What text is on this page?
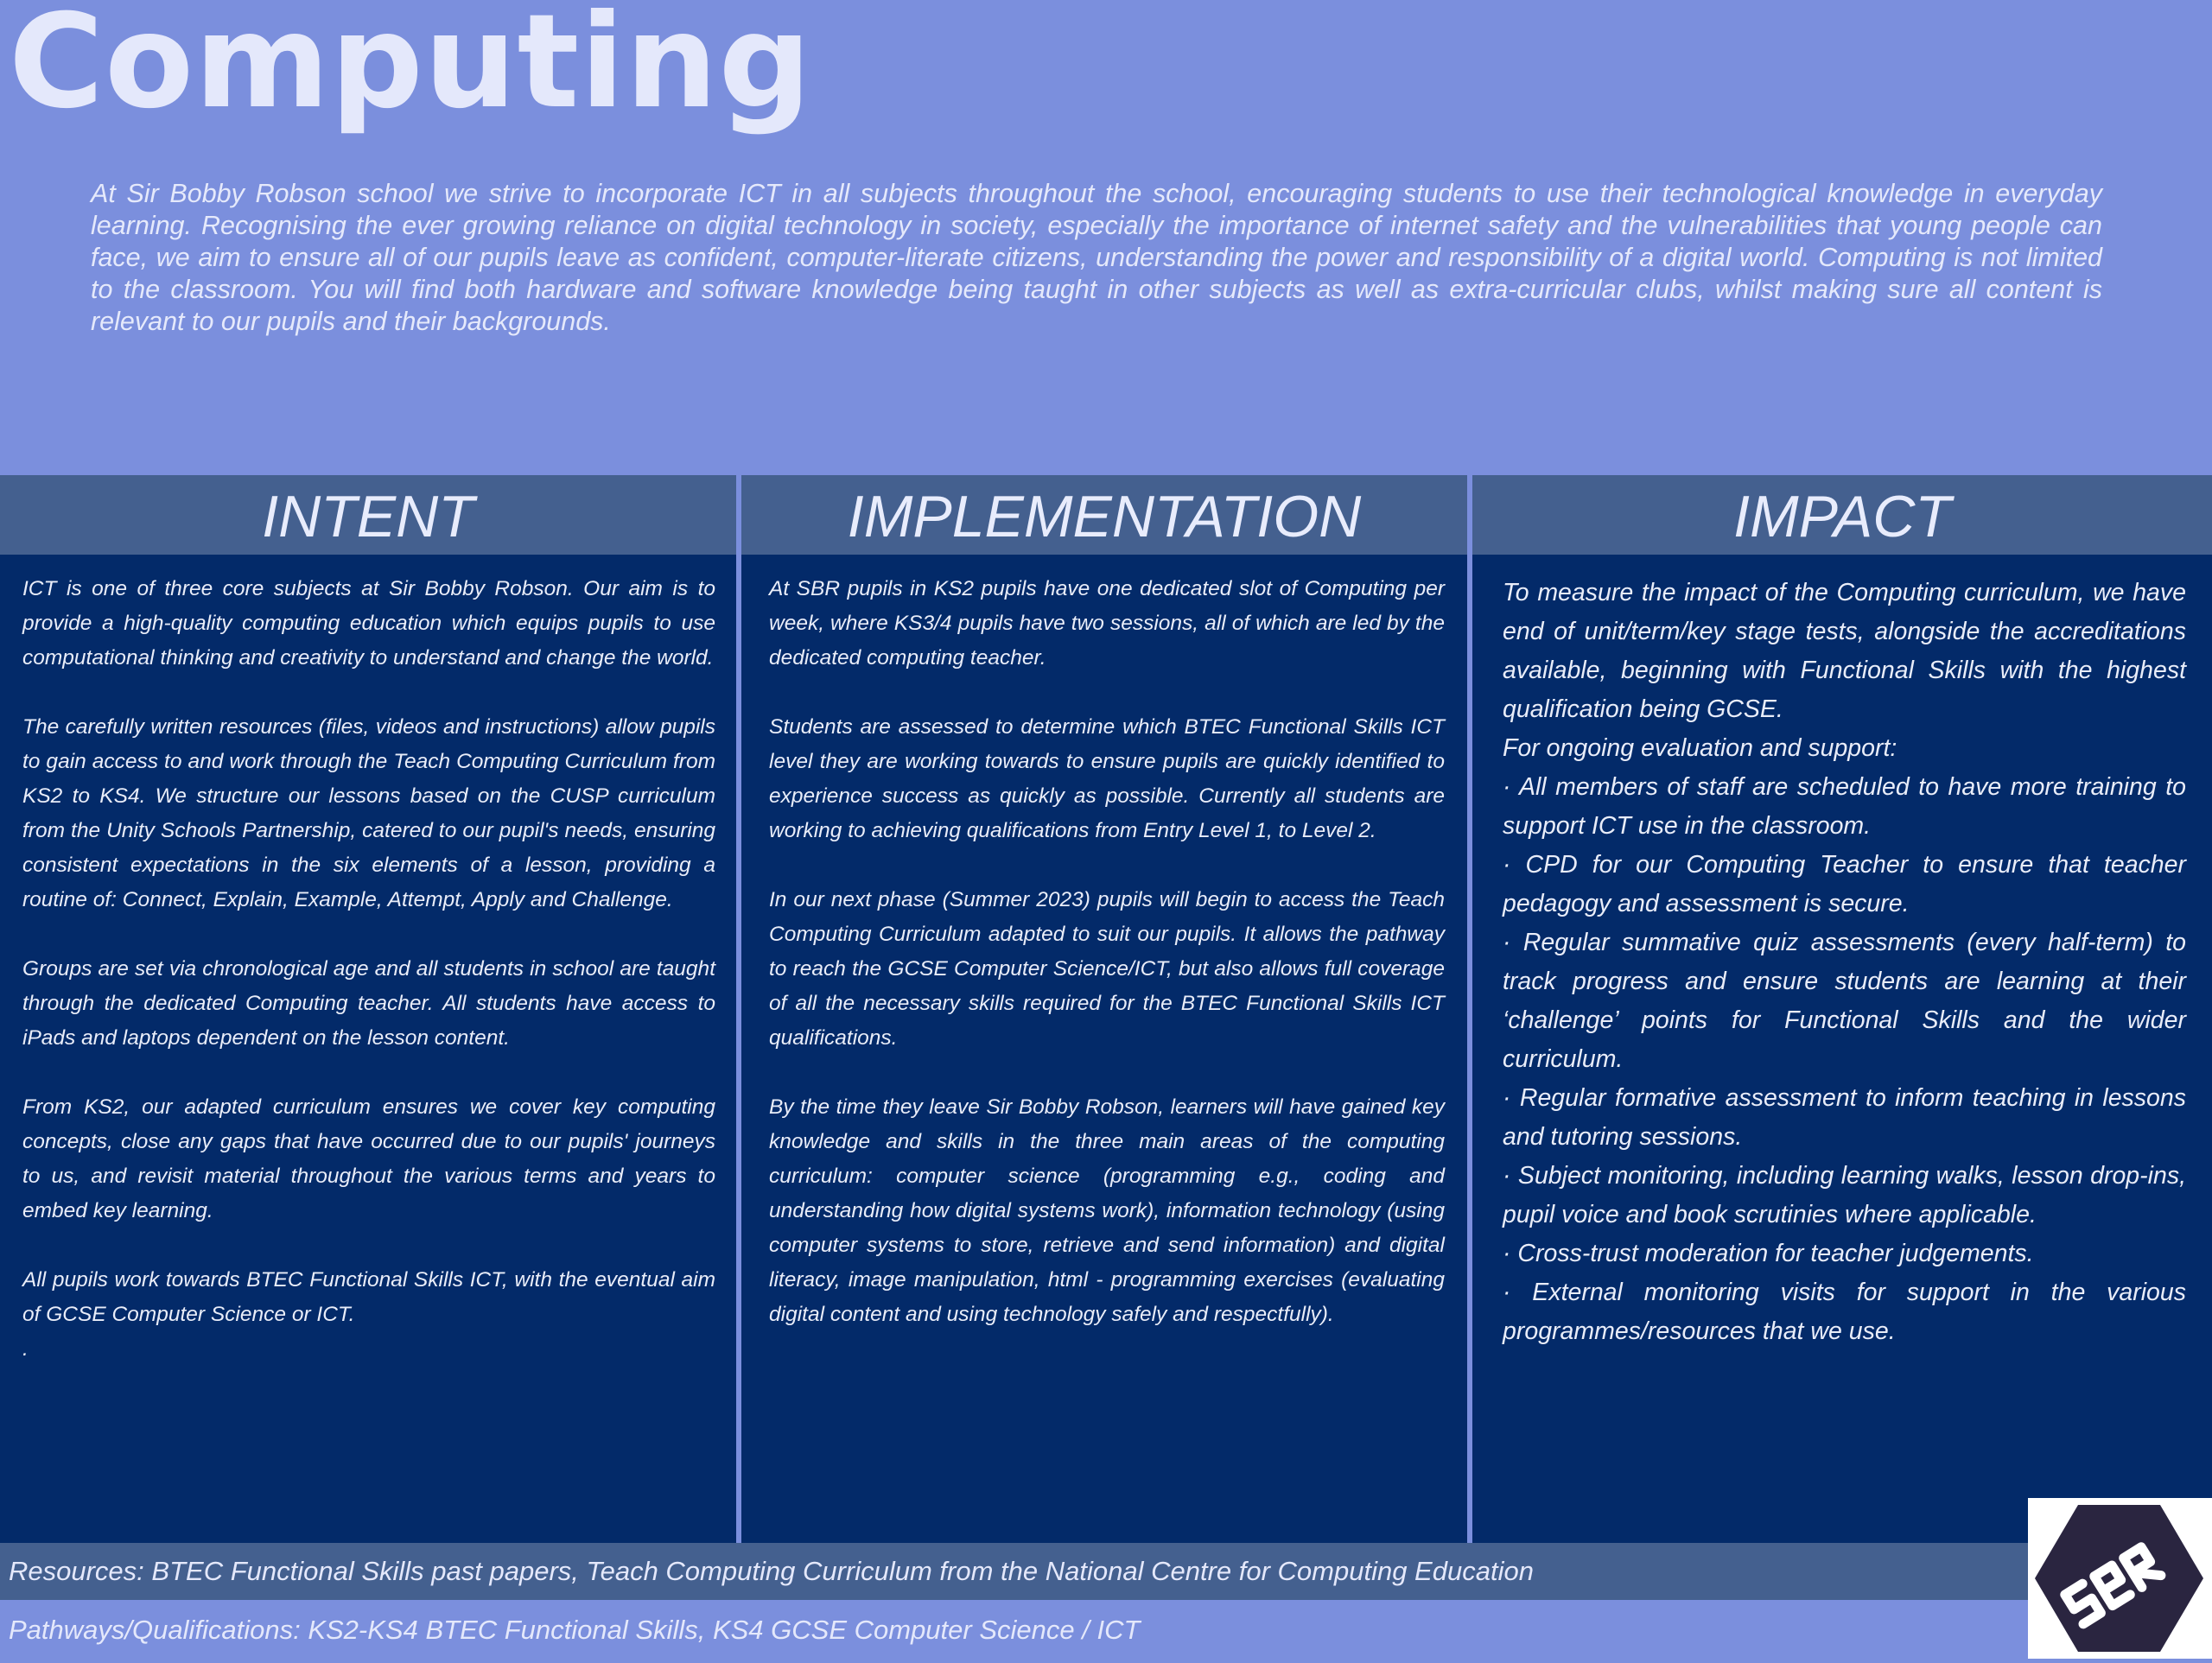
Computing
At Sir Bobby Robson school we strive to incorporate ICT in all subjects throughout the school, encouraging students to use their technological knowledge in everyday learning. Recognising the ever growing reliance on digital technology in society, especially the importance of internet safety and the vulnerabilities that young people can face, we aim to ensure all of our pupils leave as confident, computer-literate citizens, understanding the power and responsibility of a digital world. Computing is not limited to the classroom. You will find both hardware and software knowledge being taught in other subjects as well as extra-curricular clubs, whilst making sure all content is relevant to our pupils and their backgrounds.
INTENT
ICT is one of three core subjects at Sir Bobby Robson. Our aim is to provide a high-quality computing education which equips pupils to use computational thinking and creativity to understand and change the world.

The carefully written resources (files, videos and instructions) allow pupils to gain access to and work through the Teach Computing Curriculum from KS2 to KS4. We structure our lessons based on the CUSP curriculum from the Unity Schools Partnership, catered to our pupil's needs, ensuring consistent expectations in the six elements of a lesson, providing a routine of: Connect, Explain, Example, Attempt, Apply and Challenge.

Groups are set via chronological age and all students in school are taught through the dedicated Computing teacher. All students have access to iPads and laptops dependent on the lesson content.

From KS2, our adapted curriculum ensures we cover key computing concepts, close any gaps that have occurred due to our pupils' journeys to us, and revisit material throughout the various terms and years to embed key learning.

All pupils work towards BTEC Functional Skills ICT, with the eventual aim of GCSE Computer Science or ICT.
.
IMPLEMENTATION
At SBR pupils in KS2 pupils have one dedicated slot of Computing per week, where KS3/4 pupils have two sessions, all of which are led by the dedicated computing teacher.

Students are assessed to determine which BTEC Functional Skills ICT level they are working towards to ensure pupils are quickly identified to experience success as quickly as possible. Currently all students are working to achieving qualifications from Entry Level 1, to Level 2.

In our next phase (Summer 2023) pupils will begin to access the Teach Computing Curriculum adapted to suit our pupils. It allows the pathway to reach the GCSE Computer Science/ICT, but also allows full coverage of all the necessary skills required for the BTEC Functional Skills ICT qualifications.

By the time they leave Sir Bobby Robson, learners will have gained key knowledge and skills in the three main areas of the computing curriculum: computer science (programming e.g., coding and understanding how digital systems work), information technology (using computer systems to store, retrieve and send information) and digital literacy, image manipulation, html - programming exercises (evaluating digital content and using technology safely and respectfully).
IMPACT
To measure the impact of the Computing curriculum, we have end of unit/term/key stage tests, alongside the accreditations available, beginning with Functional Skills with the highest qualification being GCSE.
For ongoing evaluation and support:
· All members of staff are scheduled to have more training to support ICT use in the classroom.
· CPD for our Computing Teacher to ensure that teacher pedagogy and assessment is secure.
· Regular summative quiz assessments (every half-term) to track progress and ensure students are learning at their ‘challenge’ points for Functional Skills and the wider curriculum.
· Regular formative assessment to inform teaching in lessons and tutoring sessions.
· Subject monitoring, including learning walks, lesson drop-ins, pupil voice and book scrutinies where applicable.
· Cross-trust moderation for teacher judgements.
· External monitoring visits for support in the various programmes/resources that we use.
Resources: BTEC Functional Skills past papers, Teach Computing Curriculum from the National Centre for Computing Education
Pathways/Qualifications: KS2-KS4 BTEC Functional Skills, KS4 GCSE Computer Science / ICT
